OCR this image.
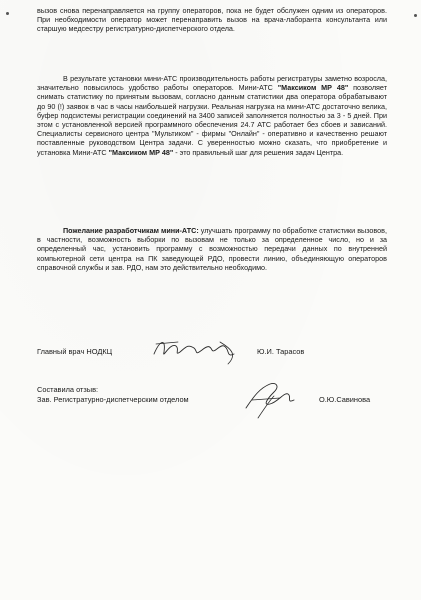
вызов снова перенаправляется на группу операторов, пока не будет обслужен одним из операторов. При необходимости оператор может перенаправить вызов на врача-лаборанта консультанта или старшую медсестру регистратурно-диспетчерского отдела.

В результате установки мини-АТС производительность работы регистратуры заметно возросла, значительно повысилось удобство работы операторов. Мини-АТС "Максиком МР 48" позволяет снимать статистику по принятым вызовам, согласно данным статистики два оператора обрабатывают до 90 (!) заявок в час в часы наибольшей нагрузки. Реальная нагрузка на мини-АТС достаточно велика, буфер подсистемы регистрации соединений на 3400 записей заполняется полностью за 3 - 5 дней. При этом с установленной версией программного обеспечения 24.7 АТС работает без сбоев и зависаний. Специалисты сервисного центра "Мультиком" - фирмы "Онлайн" - оперативно и качественно решают поставленные руководством Центра задачи. С уверенностью можно сказать, что приобретение и установка Мини-АТС "Максиком МР 48" - это правильный шаг для решения задач Центра.

Пожелание разработчикам мини-АТС: улучшать программу по обработке статистики вызовов, в частности, возможность выборки по вызовам не только за определенное число, но и за определенный час, установить программу с возможностью передачи данных по внутренней компьютерной сети центра на ПК заведующей РДО, провести линию, объединяющую операторов справочной службы и зав. РДО, нам это действительно необходимо.

Главный врач НОДКЦ	Ю.И. Тарасов
Составила отзыв:
Зав. Регистратурно-диспетчерским отделом	О.Ю.Савинова
